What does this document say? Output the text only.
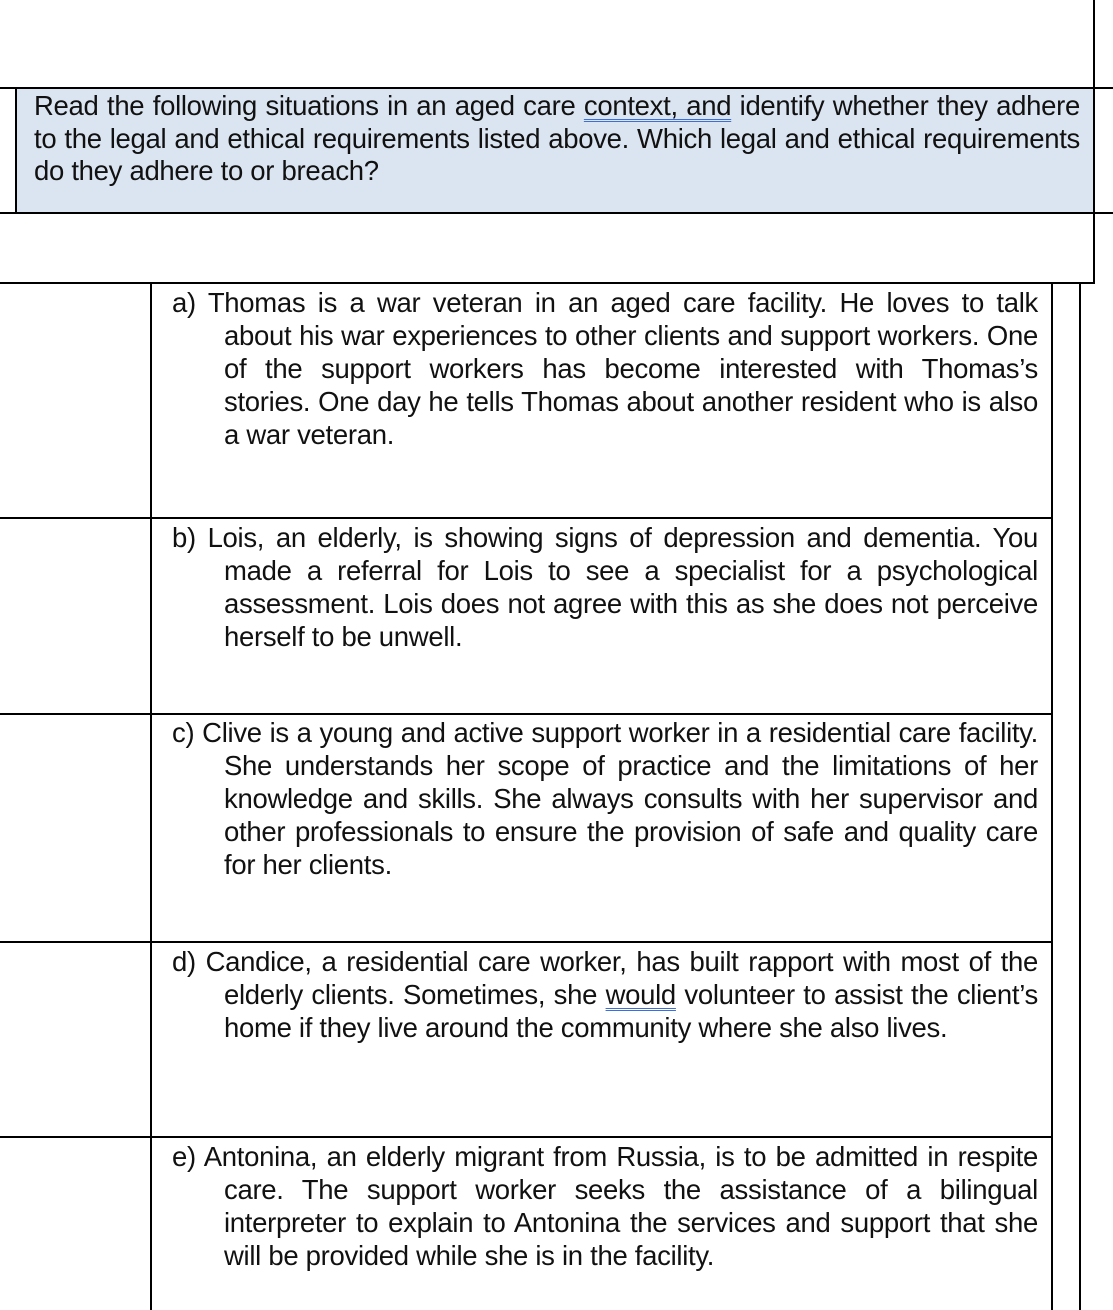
Read the following situations in an aged care context, and identify whether they adhere to the legal and ethical requirements listed above. Which legal and ethical requirements do they adhere to or breach?
a) Thomas is a war veteran in an aged care facility. He loves to talk about his war experiences to other clients and support workers. One of the support workers has become interested with Thomas’s stories. One day he tells Thomas about another resident who is also a war veteran.
b) Lois, an elderly, is showing signs of depression and dementia. You made a referral for Lois to see a specialist for a psychological assessment. Lois does not agree with this as she does not perceive herself to be unwell.
c) Clive is a young and active support worker in a residential care facility. She understands her scope of practice and the limitations of her knowledge and skills. She always consults with her supervisor and other professionals to ensure the provision of safe and quality care for her clients.
d) Candice, a residential care worker, has built rapport with most of the elderly clients. Sometimes, she would volunteer to assist the client’s home if they live around the community where she also lives.
e) Antonina, an elderly migrant from Russia, is to be admitted in respite care. The support worker seeks the assistance of a bilingual interpreter to explain to Antonina the services and support that she will be provided while she is in the facility.
